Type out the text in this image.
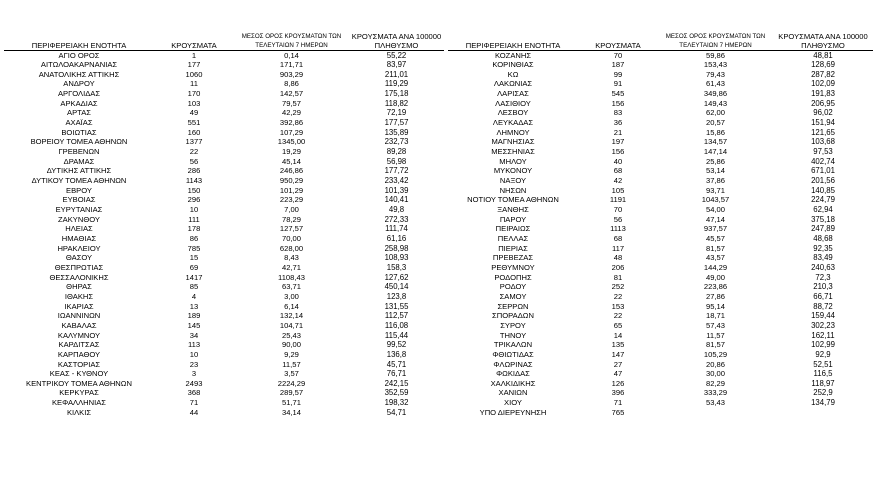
ΠΕΡΙΦΕΡΕΙΑΚΗ ΕΝΟΤΗΤΑ	ΚΡΟΥΣΜΑΤΑ	ΜΕΣΟΣ ΟΡΟΣ ΚΡΟΥΣΜΑΤΩΝ ΤΩΝ ΤΕΛΕΥΤΑΙΩΝ 7 ΗΜΕΡΩΝ	ΚΡΟΥΣΜΑΤΑ ΑΝΑ 100000 ΠΛΗΘΥΣΜΟ
ΑΓΙΟ ΟΡΟΣ	1	0,14	55,22
ΑΙΤΩΛΟΑΚΑΡΝΑΝΙΑΣ	177	171,71	83,97
ΑΝΑΤΟΛΙΚΗΣ ΑΤΤΙΚΗΣ	1060	903,29	211,01
ΑΝΔΡΟΥ	11	8,86	119,29
ΑΡΓΟΛΙΔΑΣ	170	142,57	175,18
ΑΡΚΑΔΙΑΣ	103	79,57	118,82
ΑΡΤΑΣ	49	42,29	72,19
ΑΧΑΪΑΣ	551	392,86	177,57
ΒΟΙΩΤΙΑΣ	160	107,29	135,89
ΒΟΡΕΙΟΥ ΤΟΜΕΑ ΑΘΗΝΩΝ	1377	1345,00	232,73
ΓΡΕΒΕΝΩΝ	22	19,29	89,28
ΔΡΑΜΑΣ	56	45,14	56,98
ΔΥΤΙΚΗΣ ΑΤΤΙΚΗΣ	286	246,86	177,72
ΔΥΤΙΚΟΥ ΤΟΜΕΑ ΑΘΗΝΩΝ	1143	950,29	233,42
ΕΒΡΟΥ	150	101,29	101,39
ΕΥΒΟΙΑΣ	296	223,29	140,41
ΕΥΡΥΤΑΝΙΑΣ	10	7,00	49,8
ΖΑΚΥΝΘΟΥ	111	78,29	272,33
ΗΛΕΙΑΣ	178	127,57	111,74
ΗΜΑΘΙΑΣ	86	70,00	61,16
ΗΡΑΚΛΕΙΟΥ	785	628,00	258,98
ΘΑΣΟΥ	15	8,43	108,93
ΘΕΣΠΡΩΤΙΑΣ	69	42,71	158,3
ΘΕΣΣΑΛΟΝΙΚΗΣ	1417	1108,43	127,62
ΘΗΡΑΣ	85	63,71	450,14
ΙΘΑΚΗΣ	4	3,00	123,8
ΙΚΑΡΙΑΣ	13	6,14	131,55
ΙΩΑΝΝΙΝΩΝ	189	132,14	112,57
ΚΑΒΑΛΑΣ	145	104,71	116,08
ΚΑΛΥΜΝΟΥ	34	25,43	115,44
ΚΑΡΔΙΤΣΑΣ	113	90,00	99,52
ΚΑΡΠΑΘΟΥ	10	9,29	136,8
ΚΑΣΤΟΡΙΑΣ	23	11,57	45,71
ΚΕΑΣ - ΚΥΘΝΟΥ	3	3,57	76,71
ΚΕΝΤΡΙΚΟΥ ΤΟΜΕΑ ΑΘΗΝΩΝ	2493	2224,29	242,15
ΚΕΡΚΥΡΑΣ	368	289,57	352,59
ΚΕΦΑΛΛΗΝΙΑΣ	71	51,71	198,32
ΚΙΛΚΙΣ	44	34,14	54,71
ΠΕΡΙΦΕΡΕΙΑΚΗ ΕΝΟΤΗΤΑ	ΚΡΟΥΣΜΑΤΑ	ΜΕΣΟΣ ΟΡΟΣ ΚΡΟΥΣΜΑΤΩΝ ΤΩΝ ΤΕΛΕΥΤΑΙΩΝ 7 ΗΜΕΡΩΝ	ΚΡΟΥΣΜΑΤΑ ΑΝΑ 100000 ΠΛΗΘΥΣΜΟ
ΚΟΖΑΝΗΣ	70	59,86	48,81
ΚΟΡΙΝΘΙΑΣ	187	153,43	128,69
ΚΩ	99	79,43	287,82
ΛΑΚΩΝΙΑΣ	91	61,43	102,09
ΛΑΡΙΣΑΣ	545	349,86	191,83
ΛΑΣΙΘΙΟΥ	156	149,43	206,95
ΛΕΣΒΟΥ	83	62,00	96,02
ΛΕΥΚΑΔΑΣ	36	20,57	151,94
ΛΗΜΝΟΥ	21	15,86	121,65
ΜΑΓΝΗΣΙΑΣ	197	134,57	103,68
ΜΕΣΣΗΝΙΑΣ	156	147,14	97,53
ΜΗΛΟΥ	40	25,86	402,74
ΜΥΚΟΝΟΥ	68	53,14	671,01
ΝΑΞΟΥ	42	37,86	201,56
ΝΗΣΩΝ	105	93,71	140,85
ΝΟΤΙΟΥ ΤΟΜΕΑ ΑΘΗΝΩΝ	1191	1043,57	224,79
ΞΑΝΘΗΣ	70	54,00	62,94
ΠΑΡΟΥ	56	47,14	375,18
ΠΕΙΡΑΙΩΣ	1113	937,57	247,89
ΠΕΛΛΑΣ	68	45,57	48,68
ΠΙΕΡΙΑΣ	117	81,57	92,35
ΠΡΕΒΕΖΑΣ	48	43,57	83,49
ΡΕΘΥΜΝΟΥ	206	144,29	240,63
ΡΟΔΟΠΗΣ	81	49,00	72,3
ΡΟΔΟΥ	252	223,86	210,3
ΣΑΜΟΥ	22	27,86	66,71
ΣΕΡΡΩΝ	153	95,14	88,72
ΣΠΟΡΑΔΩΝ	22	18,71	159,44
ΣΥΡΟΥ	65	57,43	302,23
ΤΗΝΟΥ	14	11,57	162,11
ΤΡΙΚΑΛΩΝ	135	81,57	102,99
ΦΘΙΩΤΙΔΑΣ	147	105,29	92,9
ΦΛΩΡΙΝΑΣ	27	20,86	52,51
ΦΩΚΙΔΑΣ	47	30,00	116,5
ΧΑΛΚΙΔΙΚΗΣ	126	82,29	118,97
ΧΑΝΙΩΝ	396	333,29	252,9
ΧΙΟΥ	71	53,43	134,79
ΥΠΟ ΔΙΕΡΕΥΝΗΣΗ	765		
